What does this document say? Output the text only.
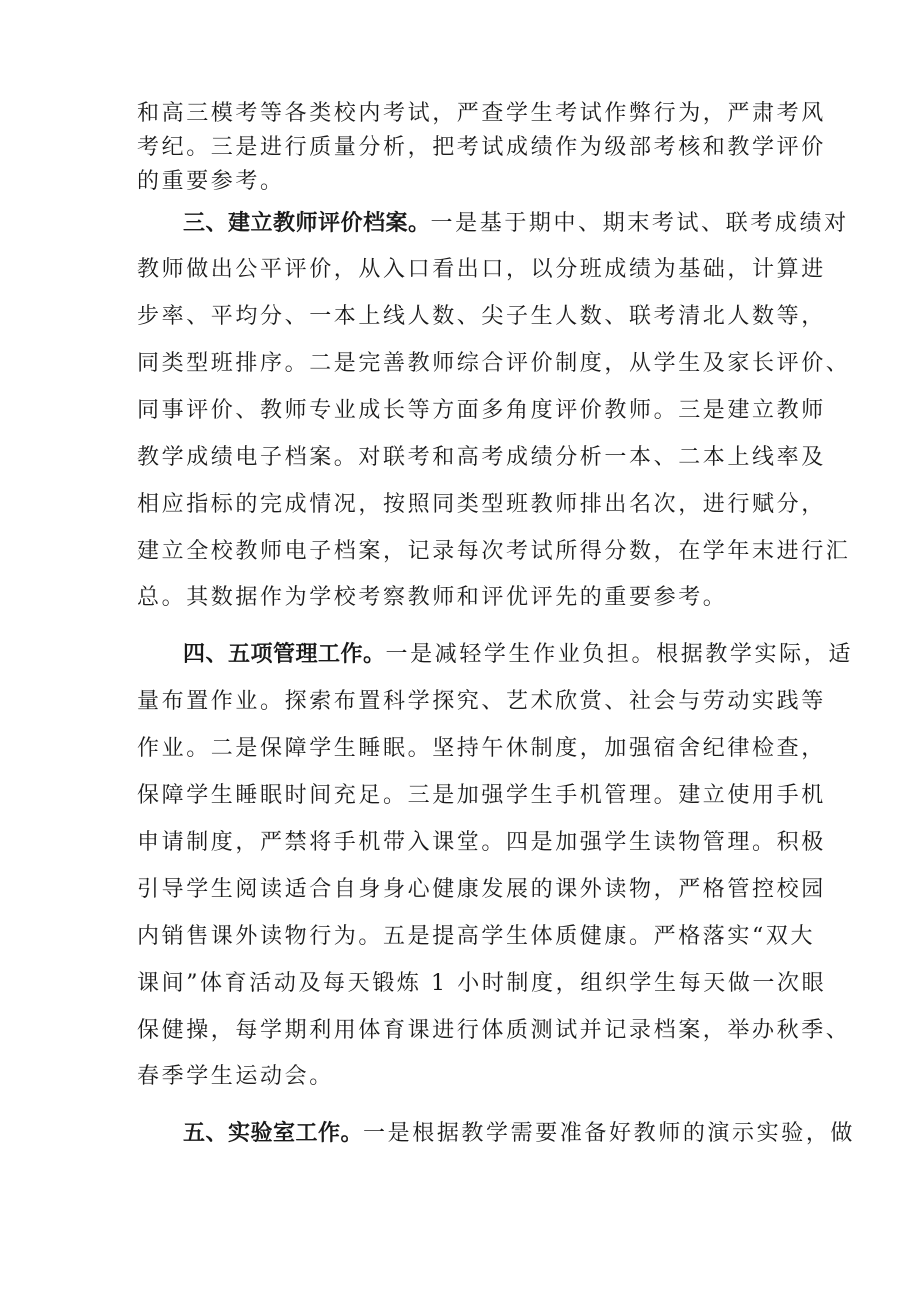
和高三模考等各类校内考试，严查学生考试作弊行为，严肃考风
考纪。三是进行质量分析，把考试成绩作为级部考核和教学评价
的重要参考。
三、建立教师评价档案。一是基于期中、期末考试、联考成绩对
教师做出公平评价，从入口看出口，以分班成绩为基础，计算进
步率、平均分、一本上线人数、尖子生人数、联考清北人数等，
同类型班排序。二是完善教师综合评价制度，从学生及家长评价、
同事评价、教师专业成长等方面多角度评价教师。三是建立教师
教学成绩电子档案。对联考和高考成绩分析一本、二本上线率及
相应指标的完成情况，按照同类型班教师排出名次，进行赋分，
建立全校教师电子档案，记录每次考试所得分数，在学年末进行汇
总。其数据作为学校考察教师和评优评先的重要参考。
四、五项管理工作。一是减轻学生作业负担。根据教学实际，适
量布置作业。探索布置科学探究、艺术欣赏、社会与劳动实践等
作业。二是保障学生睡眠。坚持午休制度，加强宿舍纪律检查，
保障学生睡眠时间充足。三是加强学生手机管理。建立使用手机
申请制度，严禁将手机带入课堂。四是加强学生读物管理。积极
引导学生阅读适合自身身心健康发展的课外读物，严格管控校园
内销售课外读物行为。五是提高学生体质健康。严格落实“双大
课间”体育活动及每天锻炼 1 小时制度，组织学生每天做一次眼
保健操，每学期利用体育课进行体质测试并记录档案，举办秋季、
春季学生运动会。
五、实验室工作。一是根据教学需要准备好教师的演示实验，做
